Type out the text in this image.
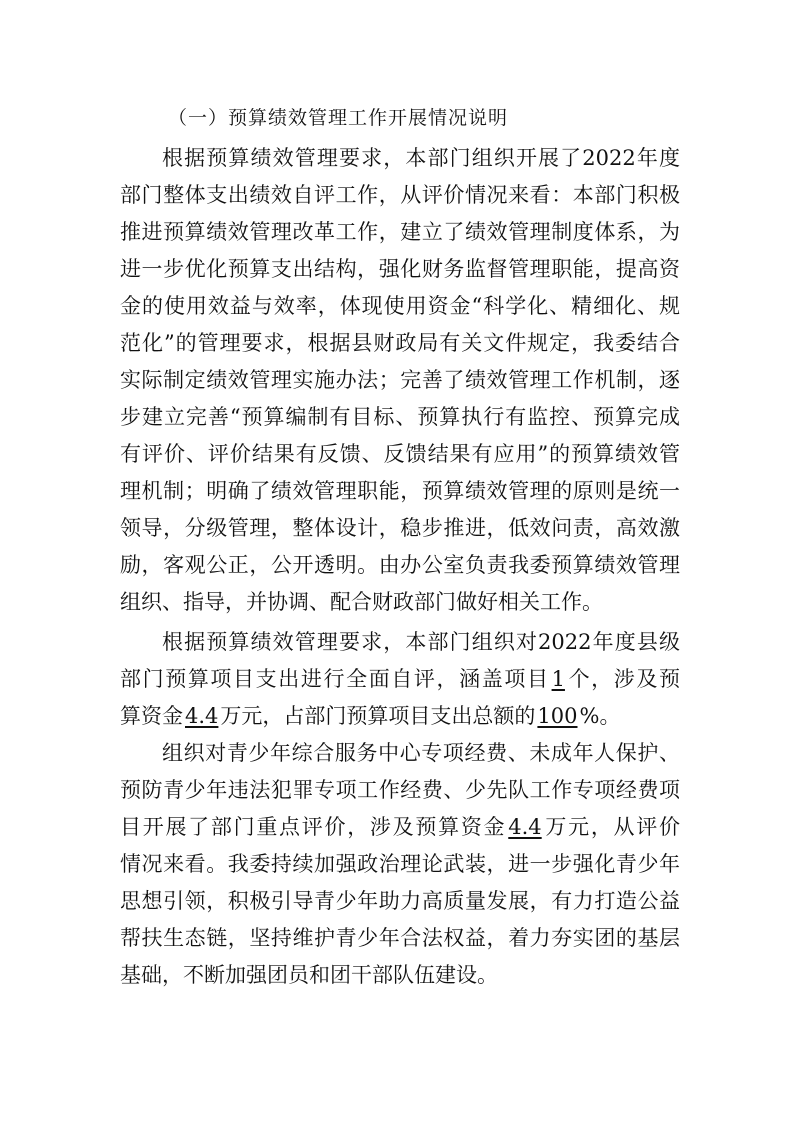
（一）预算绩效管理工作开展情况说明
根据预算绩效管理要求，本部门组织开展了2022年度
部门整体支出绩效自评工作，从评价情况来看：本部门积极
推进预算绩效管理改革工作，建立了绩效管理制度体系，为
进一步优化预算支出结构，强化财务监督管理职能，提高资
金的使用效益与效率，体现使用资金“科学化、精细化、规
范化”的管理要求，根据县财政局有关文件规定，我委结合
实际制定绩效管理实施办法；完善了绩效管理工作机制，逐
步建立完善“预算编制有目标、预算执行有监控、预算完成
有评价、评价结果有反馈、反馈结果有应用”的预算绩效管
理机制；明确了绩效管理职能，预算绩效管理的原则是统一
领导，分级管理，整体设计，稳步推进，低效问责，高效激
励，客观公正，公开透明。由办公室负责我委预算绩效管理
组织、指导，并协调、配合财政部门做好相关工作。
根据预算绩效管理要求，本部门组织对2022年度县级
部门预算项目支出进行全面自评，涵盖项目1个，涉及预
算资金4.4万元，占部门预算项目支出总额的100%。
组织对青少年综合服务中心专项经费、未成年人保护、
预防青少年违法犯罪专项工作经费、少先队工作专项经费项
目开展了部门重点评价，涉及预算资金4.4万元，从评价
情况来看。我委持续加强政治理论武装，进一步强化青少年
思想引领，积极引导青少年助力高质量发展，有力打造公益
帮扶生态链，坚持维护青少年合法权益，着力夯实团的基层
基础，不断加强团员和团干部队伍建设。
